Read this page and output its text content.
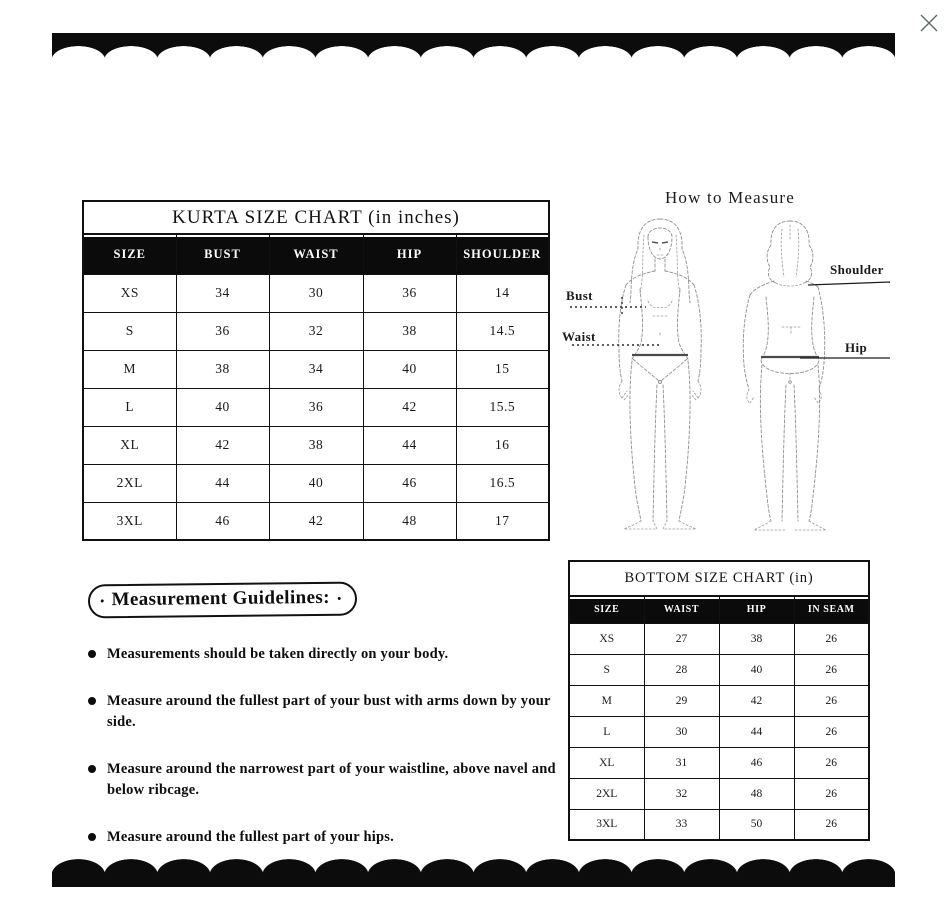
KURTA SIZE CHART (in inches)				
SIZE	BUST	WAIST	HIP	SHOULDER
XS	34	30	36	14
S	36	32	38	14.5
M	38	34	40	15
L	40	36	42	15.5
XL	42	38	44	16
2XL	44	40	46	16.5
3XL	46	42	48	17
How to Measure
Bust
Waist
Shoulder
Hip
• Measurement Guidelines: •
Measurements should be taken directly on your body.
Measure around the fullest part of your bust with arms down by your side.
Measure around the narrowest part of your waistline, above navel and below ribcage.
Measure around the fullest part of your hips.
BOTTOM SIZE CHART (in)			
SIZE	WAIST	HIP	IN SEAM
XS	27	38	26
S	28	40	26
M	29	42	26
L	30	44	26
XL	31	46	26
2XL	32	48	26
3XL	33	50	26
